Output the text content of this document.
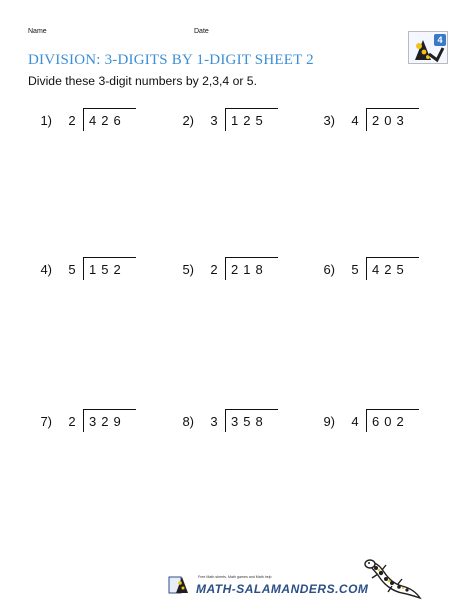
Name	Date
4
DIVISION: 3-DIGITS BY 1-DIGIT SHEET 2
Divide these 3-digit numbers by 2,3,4 or 5.
1) 2 426	2) 3 125	3) 4 203
4) 5 152	5) 2 218	6) 5 425
7) 2 329	8) 3 358	9) 4 602
Free Math sheets, Math games and Math help
MATH-SALAMANDERS.COM
